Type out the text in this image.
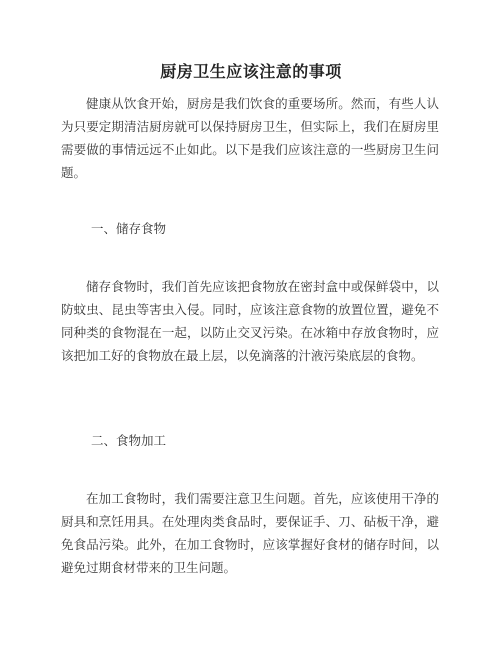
厨房卫生应该注意的事项

健康从饮食开始，厨房是我们饮食的重要场所。然而，有些人认为只要定期清洁厨房就可以保持厨房卫生，但实际上，我们在厨房里需要做的事情远远不止如此。以下是我们应该注意的一些厨房卫生问题。

一、储存食物

储存食物时，我们首先应该把食物放在密封盒中或保鲜袋中，以防蚊虫、昆虫等害虫入侵。同时，应该注意食物的放置位置，避免不同种类的食物混在一起，以防止交叉污染。在冰箱中存放食物时，应该把加工好的食物放在最上层，以免滴落的汁液污染底层的食物。

二、食物加工

在加工食物时，我们需要注意卫生问题。首先，应该使用干净的厨具和烹饪用具。在处理肉类食品时，要保证手、刀、砧板干净，避免食品污染。此外，在加工食物时，应该掌握好食材的储存时间，以避免过期食材带来的卫生问题。
